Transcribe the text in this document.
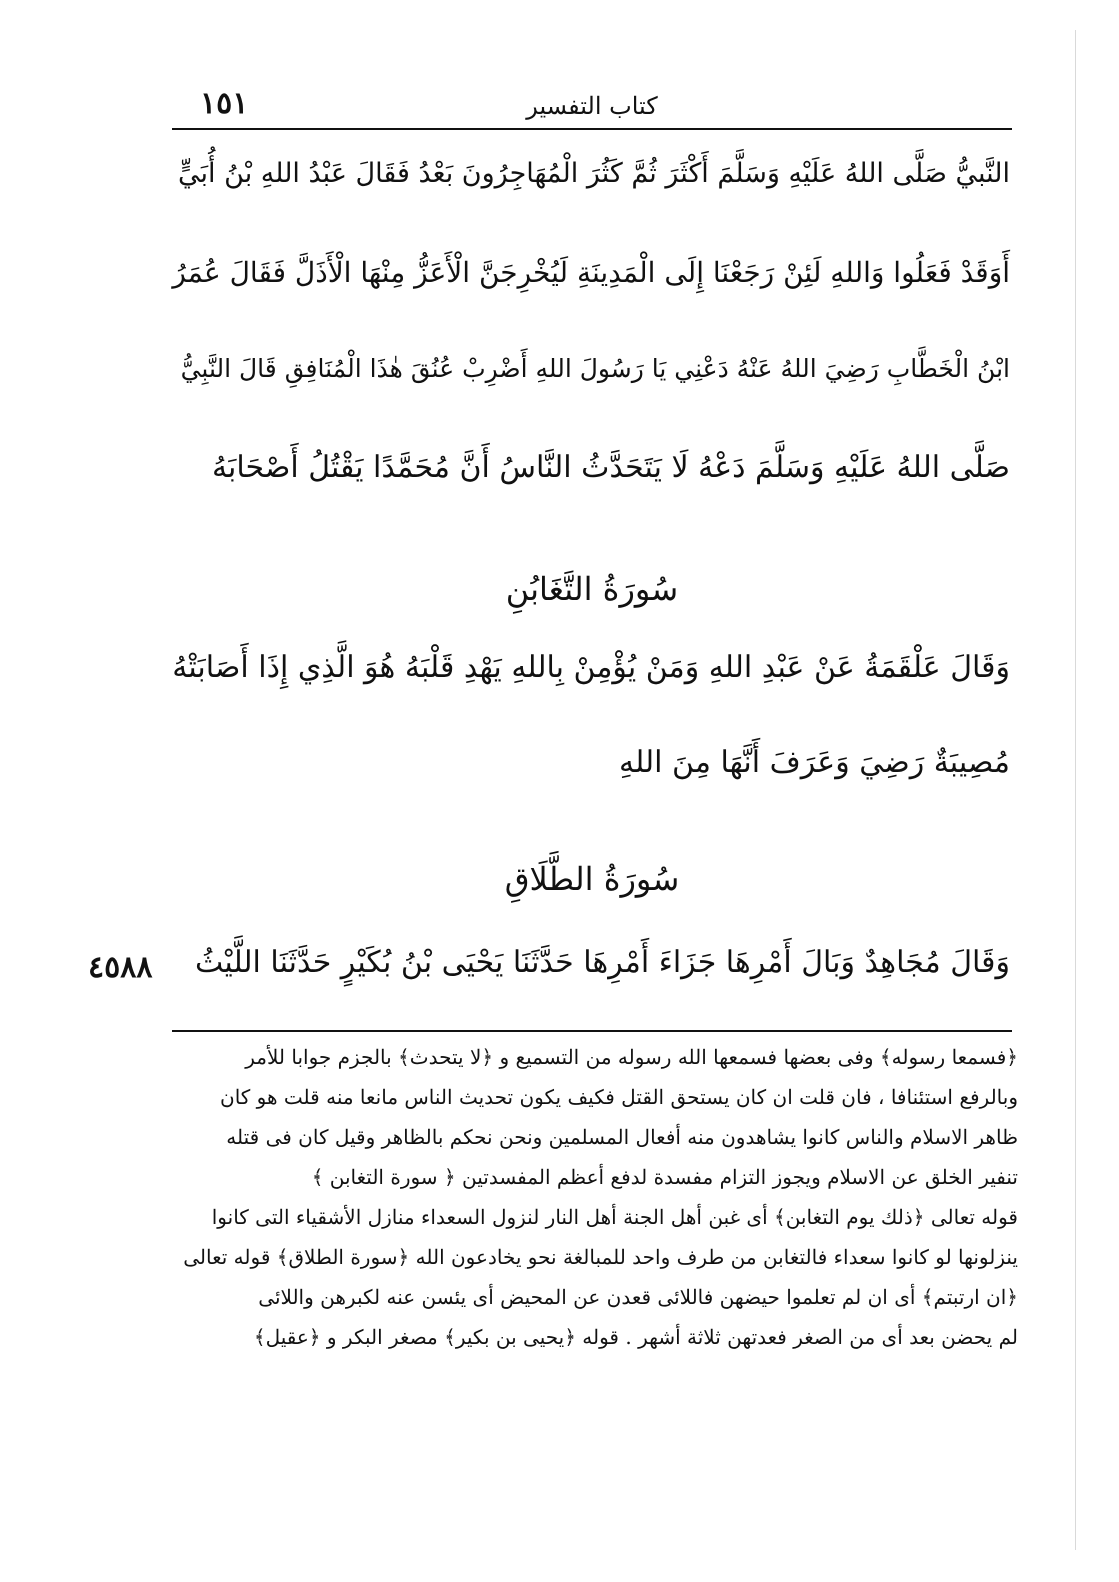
كتاب التفسير
١٥١
النَّبيُّ صَلَّى اللهُ عَلَيْهِ وَسَلَّمَ أَكْثَرَ ثُمَّ كَثُرَ الْمُهَاجِرُونَ بَعْدُ فَقَالَ عَبْدُ اللهِ بْنُ أُبَيٍّ
أَوَقَدْ فَعَلُوا وَاللهِ لَئِنْ رَجَعْنَا إِلَى الْمَدِينَةِ لَيُخْرِجَنَّ الْأَعَزُّ مِنْهَا الْأَذَلَّ فَقَالَ عُمَرُ
ابْنُ الْخَطَّابِ رَضِيَ اللهُ عَنْهُ دَعْنِي يَا رَسُولَ اللهِ أَضْرِبْ عُنُقَ هٰذَا الْمُنَافِقِ قَالَ النَّبِيُّ
صَلَّى اللهُ عَلَيْهِ وَسَلَّمَ دَعْهُ لَا يَتَحَدَّثُ النَّاسُ أَنَّ مُحَمَّدًا يَقْتُلُ أَصْحَابَهُ
سُورَةُ التَّغَابُنِ
وَقَالَ عَلْقَمَةُ عَنْ عَبْدِ اللهِ وَمَنْ يُؤْمِنْ بِاللهِ يَهْدِ قَلْبَهُ هُوَ الَّذِي إِذَا أَصَابَتْهُ
مُصِيبَةٌ رَضِيَ وَعَرَفَ أَنَّهَا مِنَ اللهِ
سُورَةُ الطَّلَاقِ
وَقَالَ مُجَاهِدٌ وَبَالَ أَمْرِهَا جَزَاءَ أَمْرِهَا حَدَّثَنَا يَحْيَى بْنُ بُكَيْرٍ حَدَّثَنَا اللَّيْثُ
٤٥٨٨
﴿فسمعا رسوله﴾ وفى بعضها فسمعها الله رسوله من التسميع و ﴿لا يتحدث﴾ بالجزم جوابا للأمر
وبالرفع استئنافا ، فان قلت ان كان يستحق القتل فكيف يكون تحديث الناس مانعا منه قلت هو كان
ظاهر الاسلام والناس كانوا يشاهدون منه أفعال المسلمين ونحن نحكم بالظاهر وقيل كان فى قتله
تنفير الخلق عن الاسلام ويجوز التزام مفسدة لدفع أعظم المفسدتين ﴿ سورة التغابن ﴾
قوله تعالى ﴿ذلك يوم التغابن﴾ أى غبن أهل الجنة أهل النار لنزول السعداء منازل الأشقياء التى كانوا
ينزلونها لو كانوا سعداء فالتغابن من طرف واحد للمبالغة نحو يخادعون الله ﴿سورة الطلاق﴾ قوله تعالى
﴿ان ارتبتم﴾ أى ان لم تعلموا حيضهن فاللائى قعدن عن المحيض أى يئسن عنه لكبرهن واللائى
لم يحضن بعد أى من الصغر فعدتهن ثلاثة أشهر . قوله ﴿يحيى بن بكير﴾ مصغر البكر و ﴿عقيل﴾
